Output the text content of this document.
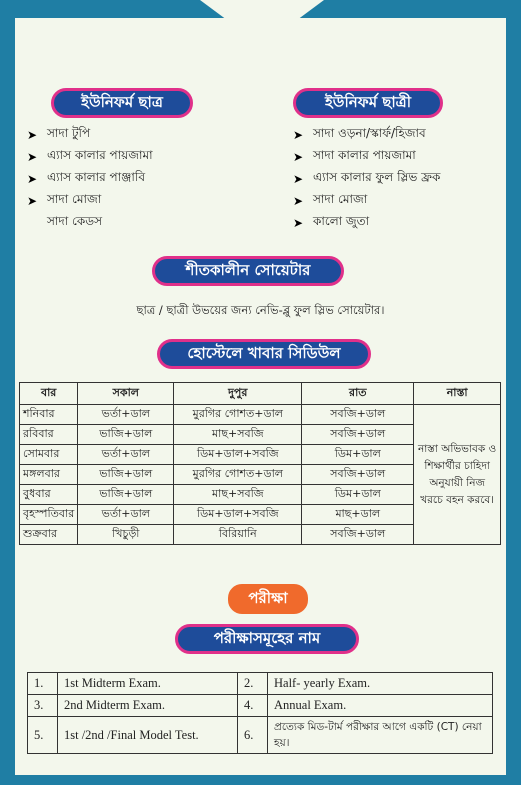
ইউনিফর্ম ছাত্র
➤ সাদা টুপি
➤ এ্যাস কালার পায়জামা
➤ এ্যাস কালার পাঞ্জাবি
➤ সাদা মোজা
সাদা কেডস
ইউনিফর্ম ছাত্রী
➤ সাদা ওড়না/স্কার্ফ/হিজাব
➤ সাদা কালার পায়জামা
➤ এ্যাস কালার ফুল স্লিভ ফ্রক
➤ সাদা মোজা
➤ কালো জুতা
শীতকালীন সোয়েটার
ছাত্র / ছাত্রী উভয়ের জন্য নেভি-ব্লু ফুল স্লিভ সোয়েটার।
হোস্টেলে খাবার সিডিউল
বার	সকাল	দুপুর	রাত	নাস্তা
শনিবার	ভর্তা+ডাল	মুরগির গোশত+ডাল	সবজি+ডাল	নাস্তা অভিভাবক ও শিক্ষার্থীর চাহিদা অনুযায়ী নিজ খরচে বহন করবে।
রবিবার	ভাজি+ডাল	মাছ+সবজি	সবজি+ডাল	
সোমবার	ভর্তা+ডাল	ডিম+ডাল+সবজি	ডিম+ডাল	
মঙ্গলবার	ভাজি+ডাল	মুরগির গোশত+ডাল	সবজি+ডাল	
বুধবার	ভাজি+ডাল	মাছ+সবজি	ডিম+ডাল	
বৃহস্পতিবার	ভর্তা+ডাল	ডিম+ডাল+সবজি	মাছ+ডাল	
শুক্রবার	খিচুড়ী	বিরিয়ানি	সবজি+ডাল	
পরীক্ষা
পরীক্ষাসমূহের নাম
1.	1st Midterm Exam.	2.	Half- yearly Exam.
3.	2nd Midterm Exam.	4.	Annual Exam.
5.	1st /2nd /Final Model Test.	6.	প্রত্যেক মিড-টার্ম পরীক্ষার আগে একটি (CT) নেয়া হয়।
